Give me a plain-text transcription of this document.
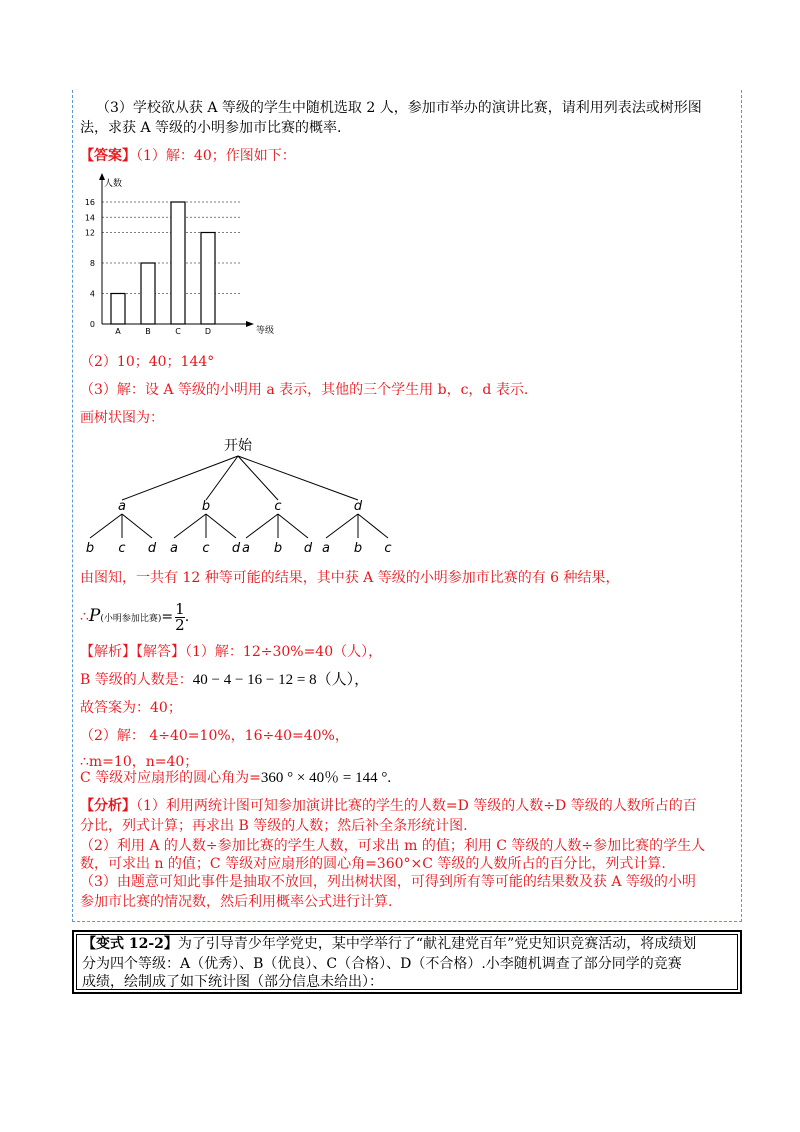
（3）学校欲从获 A 等级的学生中随机选取 2 人，参加市举办的演讲比赛，请利用列表法或树形图
法，求获 A 等级的小明参加市比赛的概率.
【答案】（1）解：40；作图如下：
0
4
8
12
14
16
A	B	C	D
人数
等级
（2）10；40；144°
（3）解：设 A 等级的小明用 a 表示，其他的三个学生用 b，c，d 表示.
画树状图为：
开始
a
b c d
b
a c d
c
a b d
d
a b c
由图知，一共有 12 种等可能的结果，其中获 A 等级的小明参加市比赛的有 6 种结果，
∴P(小明参加比赛)= $\frac{1}{2}$ .
【解析】【解答】（1）解：12÷30%=40（人），
B 等级的人数是：40 − 4 − 16 − 12 = 8（人），
故答案为：40；
（2）解： 4÷40=10%，16÷40=40%，
∴m=10，n=40；
C 等级对应扇形的圆心角为=360 ° × 40％ = 144 °.
【分析】（1）利用两统计图可知参加演讲比赛的学生的人数=D 等级的人数÷D 等级的人数所占的百
分比，列式计算；再求出 B 等级的人数；然后补全条形统计图.
（2）利用 A 的人数÷参加比赛的学生人数，可求出 m 的值；利用 C 等级的人数÷参加比赛的学生人
数，可求出 n 的值；C 等级对应扇形的圆心角=360°×C 等级的人数所占的百分比，列式计算.
（3）由题意可知此事件是抽取不放回，列出树状图，可得到所有等可能的结果数及获 A 等级的小明
参加市比赛的情况数，然后利用概率公式进行计算.
【变式 12-2】为了引导青少年学党史，某中学举行了“献礼建党百年”党史知识竞赛活动，将成绩划
分为四个等级：A（优秀）、B（优良）、C（合格）、D（不合格）.小李随机调查了部分同学的竞赛
成绩，绘制成了如下统计图（部分信息未给出）：
